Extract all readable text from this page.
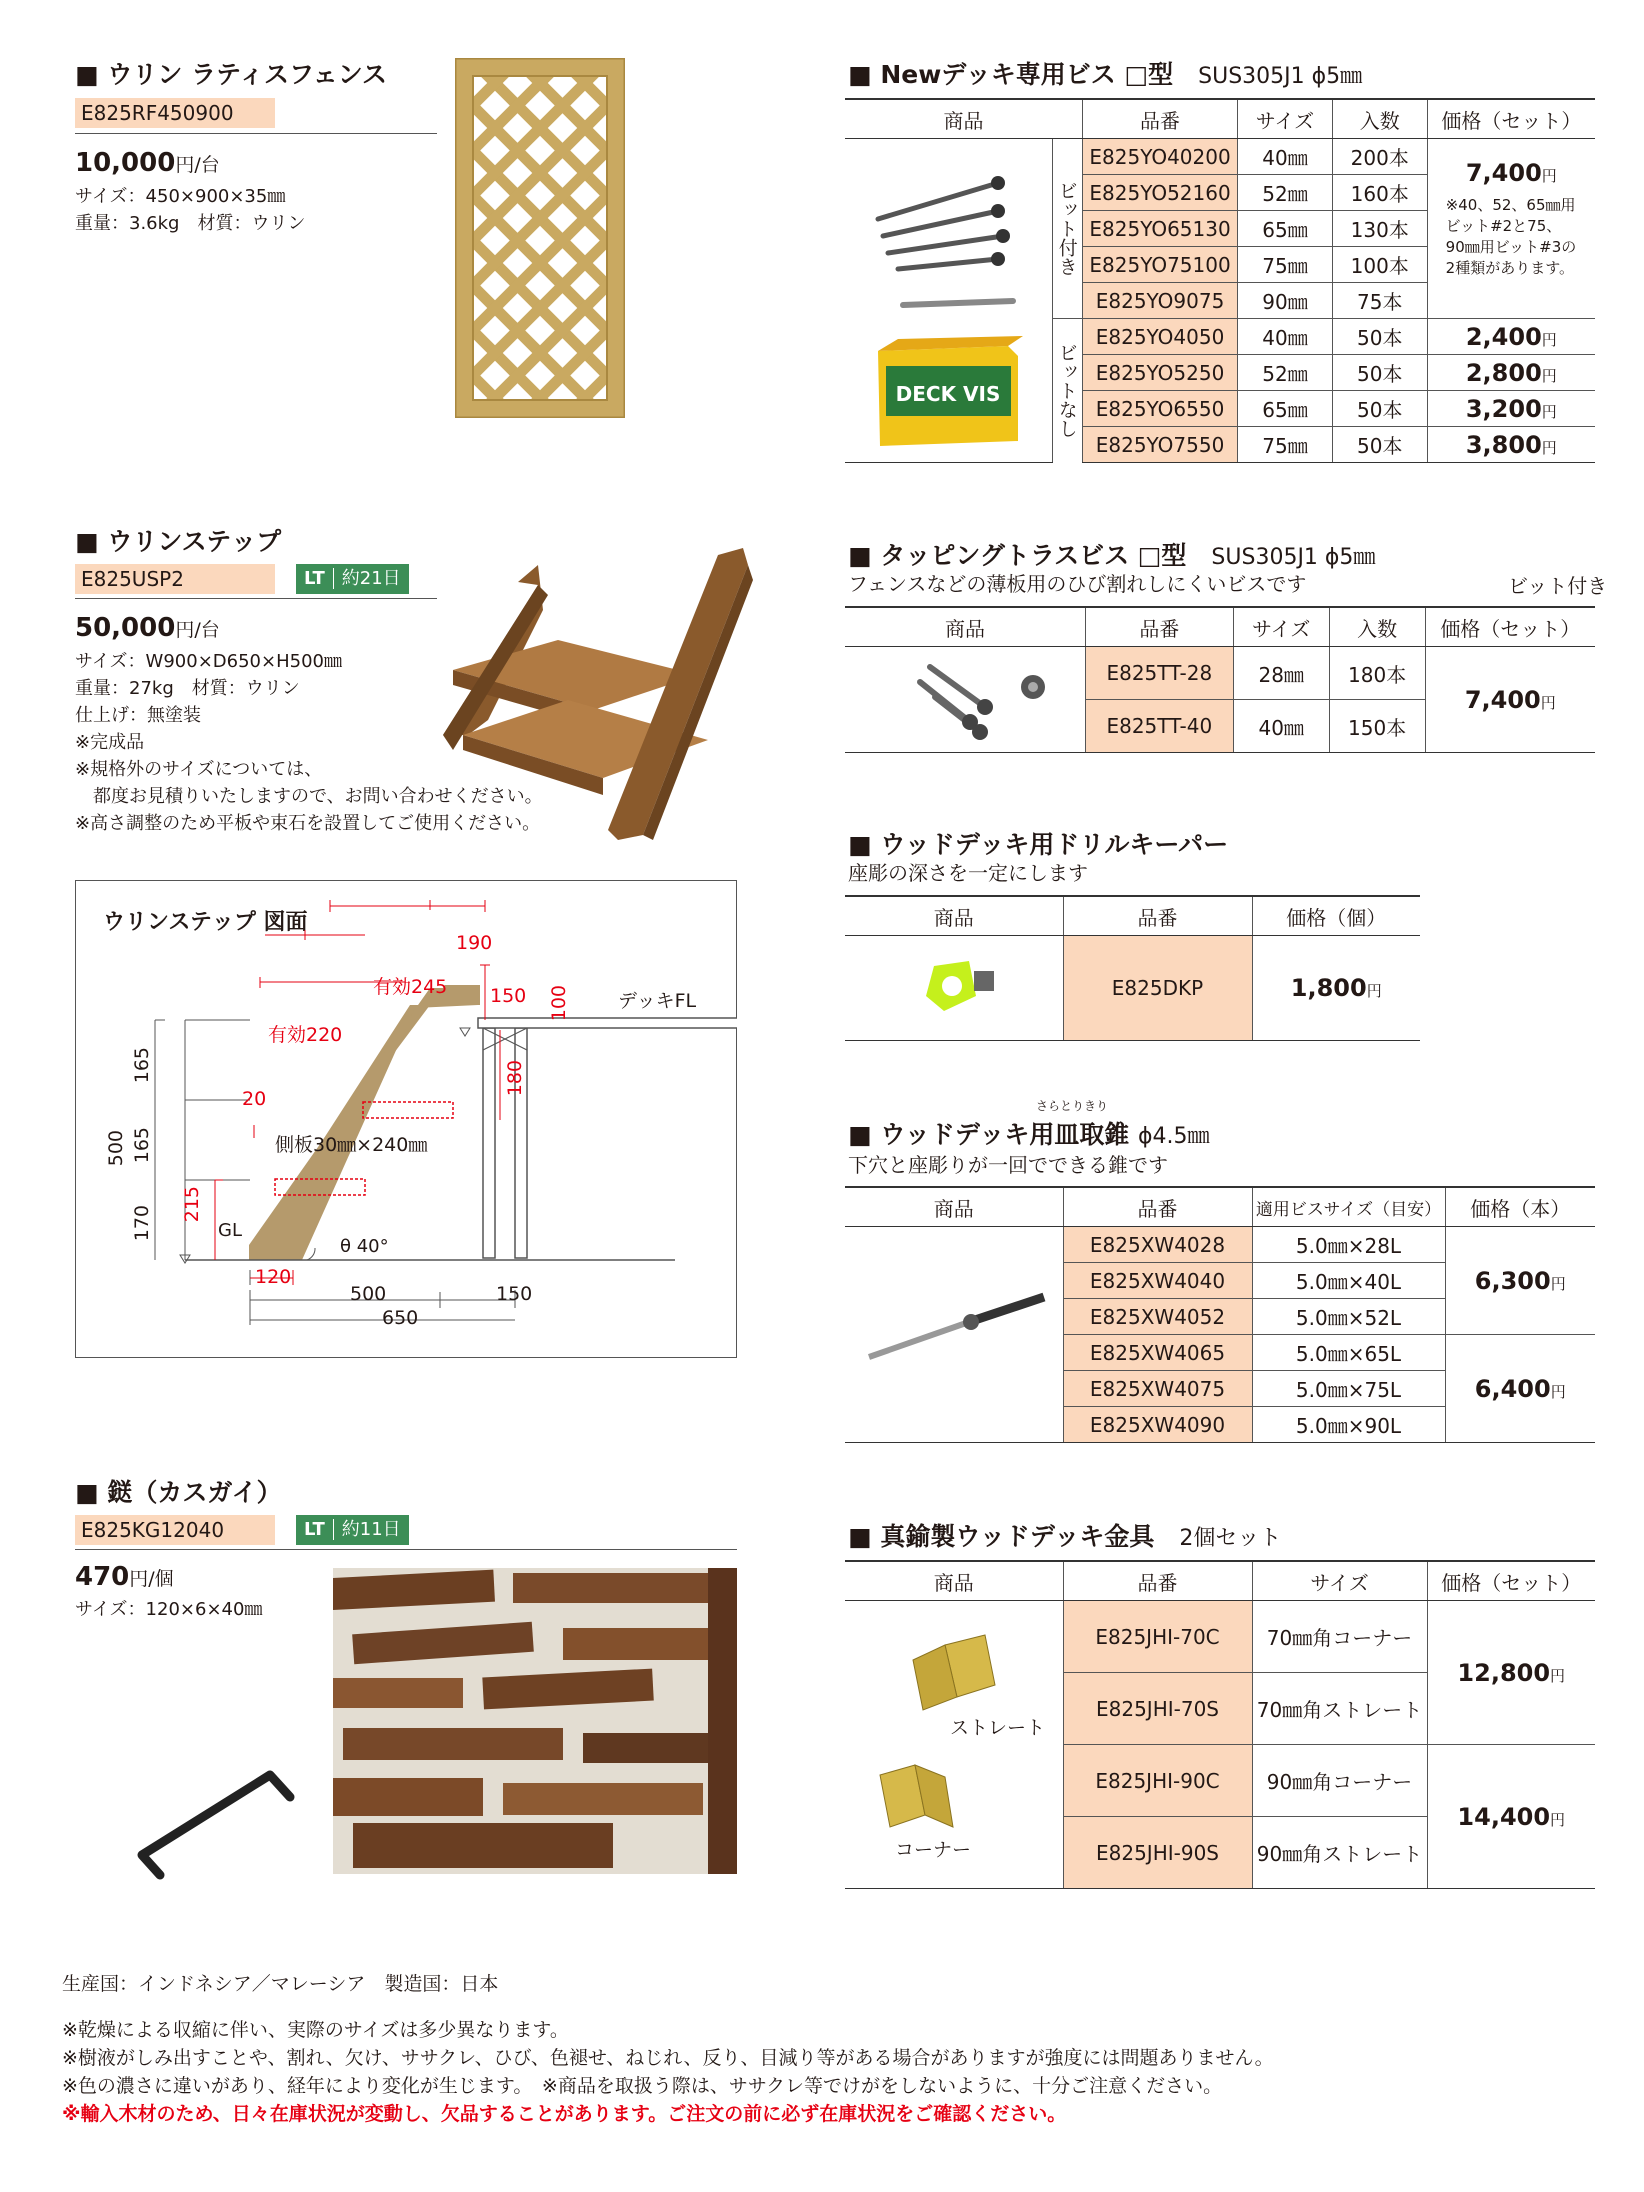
■ ウリン ラティスフェンス
E825RF450900
10,000円/台
サイズ：450×900×35㎜
重量：3.6kg　材質：ウリン
■ ウリンステップ
E825USP2	LT 約21日
50,000円/台
サイズ：W900×D650×H500㎜
重量：27kg　材質：ウリン
仕上げ：無塗装
※完成品
※規格外のサイズについては、
　都度お見積りいたしますので、お問い合わせください。
※高さ調整のため平板や束石を設置してご使用ください。
ウリンステップ 図面
190
有効245 150 100	デッキFL
有効220
180
20
側板30㎜×240㎜
500
165
165
170
215
GL
θ 40°
120
500	150
650
■ 鎹（カスガイ）
E825KG12040	LT 約11日
470円/個
サイズ：120×6×40㎜
■ Newデッキ専用ビス □型　 SUS305J1 ϕ5㎜
商品		品番	サイズ	入数	価格（セット）

DECK VIS	ビット付き	E825YO40200	40㎜	200本	7,400円
※40、52、65㎜用
ビット#2と75、
90㎜用ビット#3の
2種類があります。

		E825YO52160	52㎜	160本	
		E825YO65130	65㎜	130本	
		E825YO75100	75㎜	100本	
		E825YO9075	90㎜	75本	

	ビットなし	E825YO4050	40㎜	50本	2,400円
		E825YO5250	52㎜	50本	2,800円
		E825YO6550	65㎜	50本	3,200円
		E825YO7550	75㎜	50本	3,800円
■ タッピングトラスビス □型　 SUS305J1 ϕ5㎜
フェンスなどの薄板用のひび割れしにくいビスです	ビット付き
商品	品番	サイズ	入数	価格（セット）
	E825TT-28	28㎜	180本	7,400円
	E825TT-40	40㎜	150本	
■ ウッドデッキ用ドリルキーパー
座彫の深さを一定にします
商品	品番	価格（個）
	E825DKP	1,800円
さらとりきり
■ ウッドデッキ用皿取錐 ϕ4.5㎜
下穴と座彫りが一回でできる錐です
商品	品番	適用ビスサイズ（目安）	価格（本）
	E825XW4028	5.0㎜×28L	6,300円
	E825XW4040	5.0㎜×40L	
	E825XW4052	5.0㎜×52L	
	E825XW4065	5.0㎜×65L	6,400円
	E825XW4075	5.0㎜×75L	
	E825XW4090	5.0㎜×90L	
■ 真鍮製ウッドデッキ金具　 2個セット
商品	品番	サイズ	価格（セット）

ストレート
コーナー	E825JHI-70C	70㎜角コーナー	12,800円
	E825JHI-70S	70㎜角ストレート	
	E825JHI-90C	90㎜角コーナー	14,400円
	E825JHI-90S	90㎜角ストレート	
生産国：インドネシア／マレーシア　製造国：日本
※乾燥による収縮に伴い、実際のサイズは多少異なります。
※樹液がしみ出すことや、割れ、欠け、ササクレ、ひび、色褪せ、ねじれ、反り、目減り等がある場合がありますが強度には問題ありません。
※色の濃さに違いがあり、経年により変化が生じます。　※商品を取扱う際は、ササクレ等でけがをしないように、十分ご注意ください。
※輸入木材のため、日々在庫状況が変動し、欠品することがあります。ご注文の前に必ず在庫状況をご確認ください。
